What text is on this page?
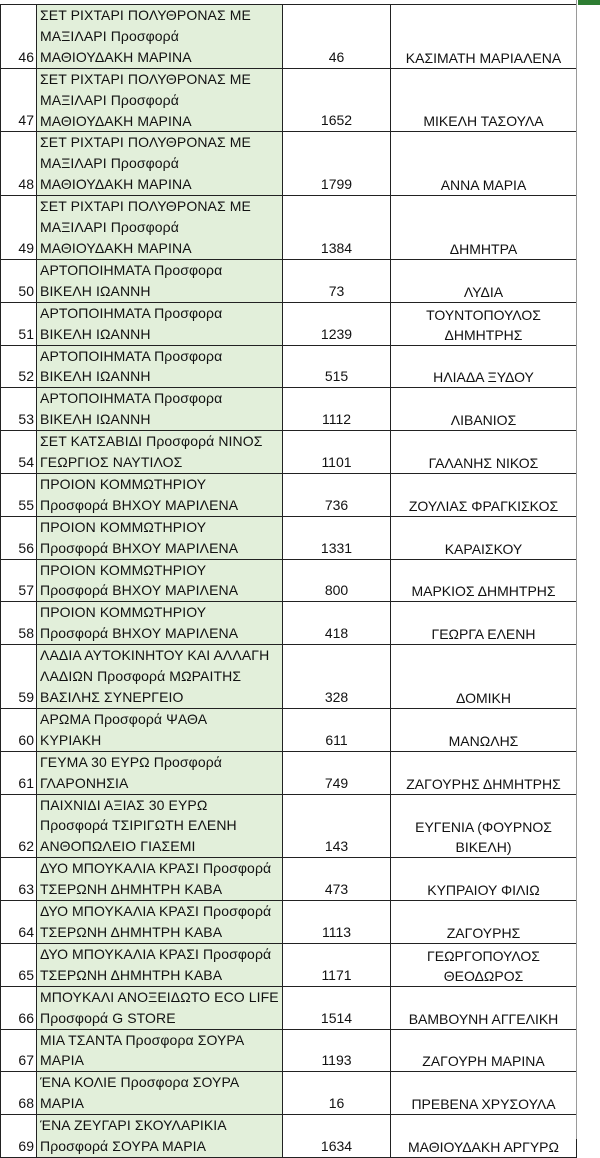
46	ΣΕΤ ΡΙΧΤΑΡΙ ΠΟΛΥΘΡΟΝΑΣ ΜΕ
ΜΑΞΙΛΑΡΙ Προσφορά
ΜΑΘΙΟΥΔΑΚΗ ΜΑΡΙΝΑ	46	ΚΑΣΙΜΑΤΗ ΜΑΡΙΑΛΕΝΑ

47	ΣΕΤ ΡΙΧΤΑΡΙ ΠΟΛΥΘΡΟΝΑΣ ΜΕ
ΜΑΞΙΛΑΡΙ Προσφορά
ΜΑΘΙΟΥΔΑΚΗ ΜΑΡΙΝΑ	1652	ΜΙΚΕΛΗ ΤΑΣΟΥΛΑ

48	ΣΕΤ ΡΙΧΤΑΡΙ ΠΟΛΥΘΡΟΝΑΣ ΜΕ
ΜΑΞΙΛΑΡΙ Προσφορά
ΜΑΘΙΟΥΔΑΚΗ ΜΑΡΙΝΑ	1799	ΑΝΝΑ ΜΑΡΙΑ

49	ΣΕΤ ΡΙΧΤΑΡΙ ΠΟΛΥΘΡΟΝΑΣ ΜΕ
ΜΑΞΙΛΑΡΙ Προσφορά
ΜΑΘΙΟΥΔΑΚΗ ΜΑΡΙΝΑ	1384	ΔΗΜΗΤΡΑ

50	ΑΡΤΟΠΟΙΗΜΑΤΑ Προσφορα
ΒΙΚΕΛΗ ΙΩΑΝΝΗ	73	ΛΥΔΙΑ

51	ΑΡΤΟΠΟΙΗΜΑΤΑ Προσφορα
ΒΙΚΕΛΗ ΙΩΑΝΝΗ	1239	ΤΟΥΝΤΟΠΟΥΛΟΣ
ΔΗΜΗΤΡΗΣ

52	ΑΡΤΟΠΟΙΗΜΑΤΑ Προσφορα
ΒΙΚΕΛΗ ΙΩΑΝΝΗ	515	ΗΛΙΑΔΑ ΞΥΔΟΥ

53	ΑΡΤΟΠΟΙΗΜΑΤΑ Προσφορα
ΒΙΚΕΛΗ ΙΩΑΝΝΗ	1112	ΛΙΒΑΝΙΟΣ

54	ΣΕΤ ΚΑΤΣΑΒΙΔΙ Προσφορά ΝΙΝΟΣ
ΓΕΩΡΓΙΟΣ ΝΑΥΤΙΛΟΣ	1101	ΓΑΛΑΝΗΣ ΝΙΚΟΣ

55	ΠΡΟΙΟΝ ΚΟΜΜΩΤΗΡΙΟΥ
Προσφορά ΒΗΧΟΥ ΜΑΡΙΛΕΝΑ	736	ΖΟΥΛΙΑΣ ΦΡΑΓΚΙΣΚΟΣ

56	ΠΡΟΙΟΝ ΚΟΜΜΩΤΗΡΙΟΥ
Προσφορά ΒΗΧΟΥ ΜΑΡΙΛΕΝΑ	1331	ΚΑΡΑΙΣΚΟΥ

57	ΠΡΟΙΟΝ ΚΟΜΜΩΤΗΡΙΟΥ
Προσφορά ΒΗΧΟΥ ΜΑΡΙΛΕΝΑ	800	ΜΑΡΚΙΟΣ ΔΗΜΗΤΡΗΣ

58	ΠΡΟΙΟΝ ΚΟΜΜΩΤΗΡΙΟΥ
Προσφορά ΒΗΧΟΥ ΜΑΡΙΛΕΝΑ	418	ΓΕΩΡΓΑ ΕΛΕΝΗ

59	ΛΑΔΙΑ ΑΥΤΟΚΙΝΗΤΟΥ ΚΑΙ ΑΛΛΑΓΗ
ΛΑΔΙΩΝ Προσφορά ΜΩΡΑΙΤΗΣ
ΒΑΣΙΛΗΣ ΣΥΝΕΡΓΕΙΟ	328	ΔΟΜΙΚΗ

60	ΑΡΩΜΑ Προσφορά ΨΑΘΑ
ΚΥΡΙΑΚΗ	611	ΜΑΝΩΛΗΣ

61	ΓΕΥΜΑ 30 ΕΥΡΩ Προσφορά
ΓΛΑΡΟΝΗΣΙΑ	749	ΖΑΓΟΥΡΗΣ ΔΗΜΗΤΡΗΣ

62	ΠΑΙΧΝΙΔΙ ΑΞΙΑΣ 30 ΕΥΡΩ
Προσφορά ΤΣΙΡΙΓΩΤΗ ΕΛΕΝΗ
ΑΝΘΟΠΩΛΕΙΟ ΓΙΑΣΕΜΙ	143	ΕΥΓΕΝΙΑ (ΦΟΥΡΝΟΣ
ΒΙΚΕΛΗ)

63	ΔΥΟ ΜΠΟΥΚΑΛΙΑ ΚΡΑΣΙ Προσφορά
ΤΣΕΡΩΝΗ ΔΗΜΗΤΡΗ ΚΑΒΑ	473	ΚΥΠΡΑΙΟΥ ΦΙΛΙΩ

64	ΔΥΟ ΜΠΟΥΚΑΛΙΑ ΚΡΑΣΙ Προσφορά
ΤΣΕΡΩΝΗ ΔΗΜΗΤΡΗ ΚΑΒΑ	1113	ΖΑΓΟΥΡΗΣ

65	ΔΥΟ ΜΠΟΥΚΑΛΙΑ ΚΡΑΣΙ Προσφορά
ΤΣΕΡΩΝΗ ΔΗΜΗΤΡΗ ΚΑΒΑ	1171	ΓΕΩΡΓΟΠΟΥΛΟΣ
ΘΕΟΔΩΡΟΣ

66	ΜΠΟΥΚΑΛΙ ΑΝΟΞΕΙΔΩΤΟ ECO LIFE
Προσφορά G STORE	1514	ΒΑΜΒΟΥΝΗ ΑΓΓΕΛΙΚΗ

67	ΜΙΑ ΤΣΑΝΤΑ Προσφορα ΣΟΥΡΑ
ΜΑΡΙΑ	1193	ΖΑΓΟΥΡΗ ΜΑΡΙΝΑ

68	ΈΝΑ ΚΟΛΙΕ Προσφορα ΣΟΥΡΑ
ΜΑΡΙΑ	16	ΠΡΕΒΕΝΑ ΧΡΥΣΟΥΛΑ

69	ΈΝΑ ΖΕΥΓΑΡΙ ΣΚΟΥΛΑΡΙΚΙΑ
Προσφορά ΣΟΥΡΑ ΜΑΡΙΑ	1634	ΜΑΘΙΟΥΔΑΚΗ ΑΡΓΥΡΩ
